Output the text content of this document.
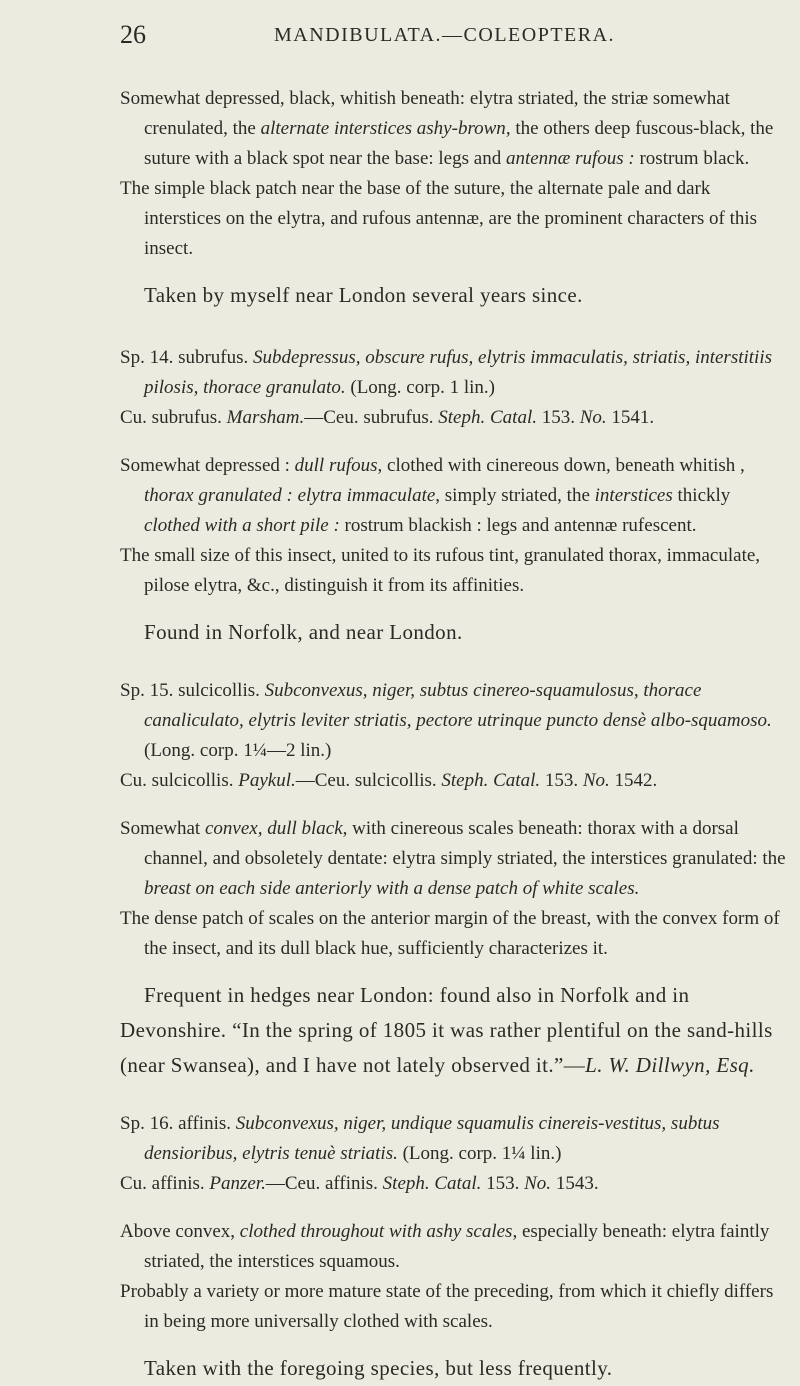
26	MANDIBULATA.—COLEOPTERA.

Somewhat depressed, black, whitish beneath: elytra striated, the striæ somewhat crenulated, the alternate interstices ashy-brown, the others deep fuscous-black, the suture with a black spot near the base: legs and antennæ rufous : rostrum black.

The simple black patch near the base of the suture, the alternate pale and dark interstices on the elytra, and rufous antennæ, are the prominent characters of this insect.

Taken by myself near London several years since.

Sp. 14. subrufus. Subdepressus, obscure rufus, elytris immaculatis, striatis, interstitiis pilosis, thorace granulato. (Long. corp. 1 lin.)

Cu. subrufus. Marsham.—Ceu. subrufus. Steph. Catal. 153. No. 1541.

Somewhat depressed : dull rufous, clothed with cinereous down, beneath whitish , thorax granulated : elytra immaculate, simply striated, the interstices thickly clothed with a short pile : rostrum blackish : legs and antennæ rufescent.

The small size of this insect, united to its rufous tint, granulated thorax, immaculate, pilose elytra, &c., distinguish it from its affinities.

Found in Norfolk, and near London.

Sp. 15. sulcicollis. Subconvexus, niger, subtus cinereo-squamulosus, thorace canaliculato, elytris leviter striatis, pectore utrinque puncto densè albo-squamoso. (Long. corp. 1¼—2 lin.)

Cu. sulcicollis. Paykul.—Ceu. sulcicollis. Steph. Catal. 153. No. 1542.

Somewhat convex, dull black, with cinereous scales beneath: thorax with a dorsal channel, and obsoletely dentate: elytra simply striated, the interstices granulated: the breast on each side anteriorly with a dense patch of white scales.

The dense patch of scales on the anterior margin of the breast, with the convex form of the insect, and its dull black hue, sufficiently characterizes it.

Frequent in hedges near London: found also in Norfolk and in Devonshire. “In the spring of 1805 it was rather plentiful on the sand-hills (near Swansea), and I have not lately observed it.”—L. W. Dillwyn, Esq.

Sp. 16. affinis. Subconvexus, niger, undique squamulis cinereis-vestitus, subtus densioribus, elytris tenuè striatis. (Long. corp. 1¼ lin.)

Cu. affinis. Panzer.—Ceu. affinis. Steph. Catal. 153. No. 1543.

Above convex, clothed throughout with ashy scales, especially beneath: elytra faintly striated, the interstices squamous.

Probably a variety or more mature state of the preceding, from which it chiefly differs in being more universally clothed with scales.

Taken with the foregoing species, but less frequently.
